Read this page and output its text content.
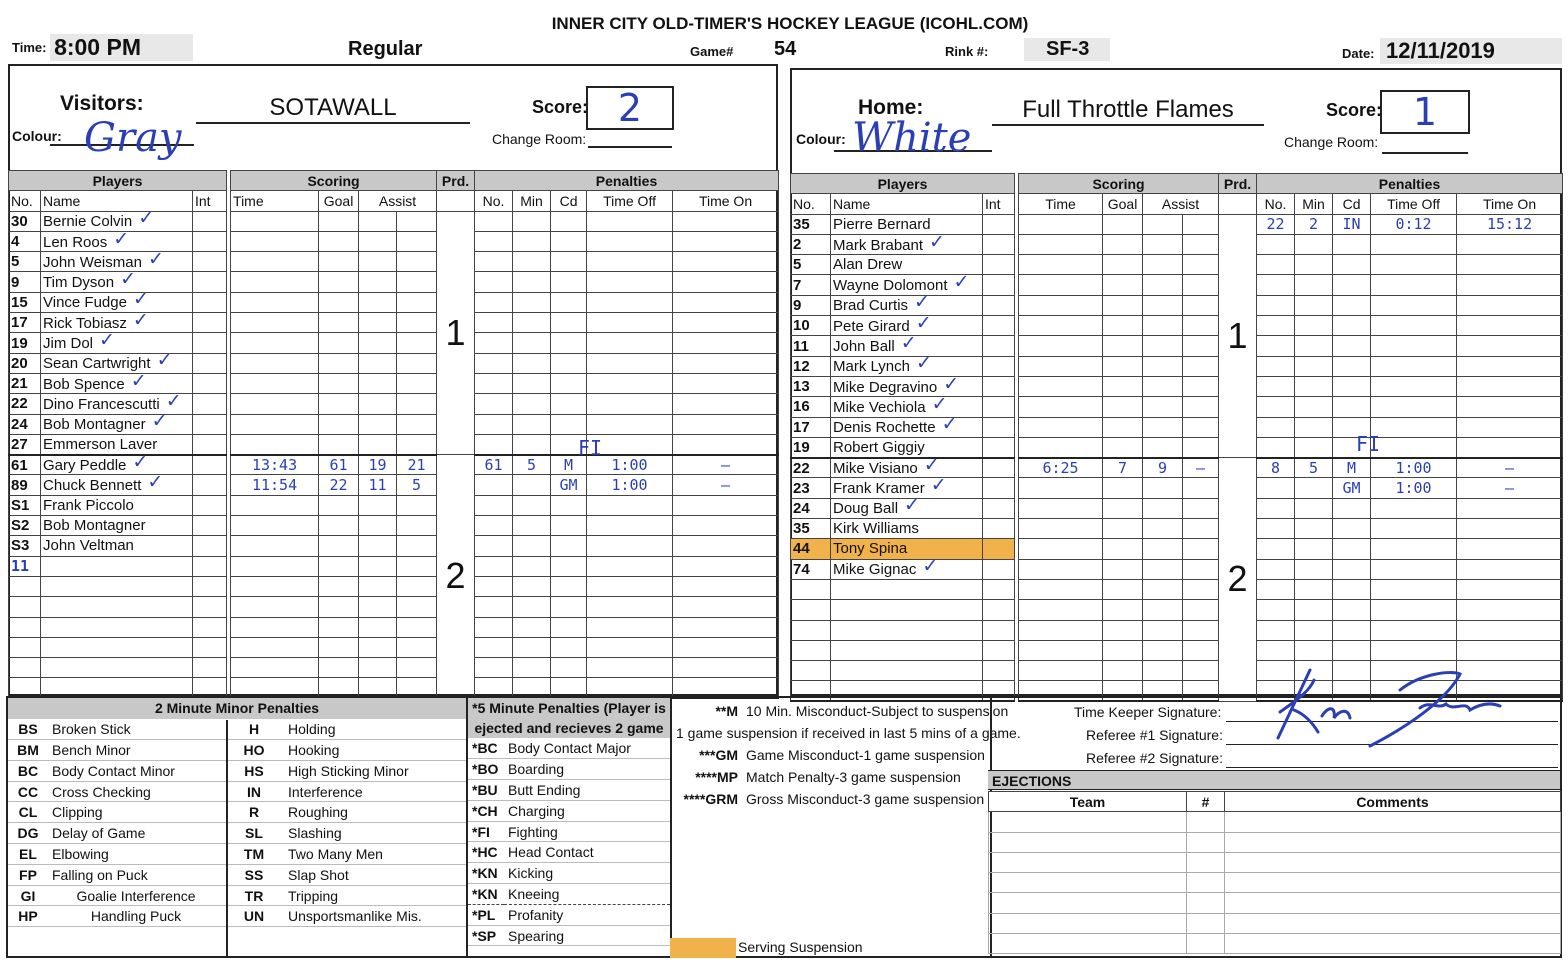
INNER CITY OLD-TIMER'S HOCKEY LEAGUE (ICOHL.COM)
Time: 8:00 PM	Regular	Game# 54	Rink #:	SF-3	Date: 12/11/2019
Visitors:	SOTAWALL	Score: 2
Colour: Gray	Change Room:
Players				Scoring				Prd.	Penalties				
No.	Name	Int		Time	Goal	Assist			No.	Min	Cd	Time Off	Time On
30	Bernie Colvin ✓							1					
4	Len Roos ✓												
5	John Weisman ✓												
9	Tim Dyson ✓												
15	Vince Fudge ✓												
17	Rick Tobiasz ✓												
19	Jim Dol ✓												
20	Sean Cartwright ✓												
21	Bob Spence ✓												
22	Dino Francescutti ✓												
24	Bob Montagner ✓												
27	Emmerson Laver												
61	Gary Peddle ✓			13:43	61	19	21	2	61	5	M	1:00	—
89	Chuck Bennett ✓			11:54	22	11	5				GM	1:00	—
S1	Frank Piccolo												
S2	Bob Montagner												
S3	John Veltman												
11													

Home:	Full Throttle Flames	Score: 1
Colour: White	Change Room:
Players				Scoring				Prd.	Penalties				
No.	Name	Int		Time	Goal	Assist			No.	Min	Cd	Time Off	Time On
35	Pierre Bernard							1	22	2	IN	0:12	15:12
2	Mark Brabant ✓												
5	Alan Drew												
7	Wayne Dolomont ✓												
9	Brad Curtis ✓												
10	Pete Girard ✓												
11	John Ball ✓												
12	Mark Lynch ✓												
13	Mike Degravino ✓												
16	Mike Vechiola ✓												
17	Denis Rochette ✓												
19	Robert Giggiy												
22	Mike Visiano ✓			6:25	7	9	—	2	8	5	M	1:00	—
23	Frank Kramer ✓										GM	1:00	—
24	Doug Ball ✓												
35	Kirk Williams												
44	Tony Spina												
74	Mike Gignac ✓												

FI	FI
2 Minute Minor Penalties			
BS	Broken Stick	H	Holding
BM	Bench Minor	HO	Hooking
BC	Body Contact Minor	HS	High Sticking Minor
CC	Cross Checking	IN	Interference
CL	Clipping	R	Roughing
DG	Delay of Game	SL	Slashing
EL	Elbowing	TM	Two Many Men
FP	Falling on Puck	SS	Slap Shot
GI	Goalie Interference	TR	Tripping
HP	Handling Puck	UN	Unsportsmanlike Mis.
*5 Minute Penalties (Player is	
ejected and recieves 2 game	
*BC	Body Contact Major
*BO	Boarding
*BU	Butt Ending
*CH	Charging
*FI	Fighting
*HC	Head Contact
*KN	Kicking
*KN	Kneeing
*PL	Profanity
*SP	Spearing
**M	10 Min. Misconduct-Subject to suspension
1 game suspension if received in last 5 mins of a game.	
***GM	Game Misconduct-1 game suspension
****MP	Match Penalty-3 game suspension
****GRM	Gross Misconduct-3 game suspension
Serving Suspension
Time Keeper Signature:
Referee #1 Signature:
Referee #2 Signature:
EJECTIONS
Team	#	Comments
